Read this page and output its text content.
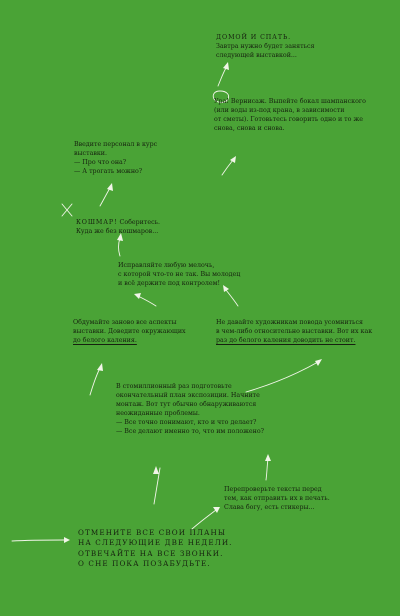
ДОМОЙ И СПАТЬ.
Завтра нужно будет заняться
следующей выставкой...
Ура! Вернисаж. Выпейте бокал шампанского
(или воды из-под крана, в зависимости
от сметы). Готовьтесь говорить одно и то же
снова, снова и снова.
Введите персонал в курс
выставки.
— Про что она?
— А трогать можно?
КОШМАР! Соберитесь.
Куда же без кошмаров...
Исправляйте любую мелочь,
с которой что-то не так. Вы молодец
и всё держите под контролем!
Обдумайте заново все аспекты
выставки. Доведите окружающих
до белого каления.
Не давайте художникам повода усомниться
в чем-либо относительно выставки. Вот их как
раз до белого каления доводить не стоит.
В стомиллионный раз подготовьте
окончательный план экспозиции. Начните
монтаж. Вот тут обычно обнаруживаются
неожиданные проблемы.
— Все точно понимают, кто и что делает?
— Все делают именно то, что им положено?
Перепроверьте тексты перед
тем, как отправить их в печать.
Слава богу, есть стикеры...
ОТМЕНИТЕ ВСЕ СВОИ ПЛАНЫ
НА СЛЕДУЮЩИЕ ДВЕ НЕДЕЛИ.
ОТВЕЧАЙТЕ НА ВСЕ ЗВОНКИ.
О СНЕ ПОКА ПОЗАБУДЬТЕ.
